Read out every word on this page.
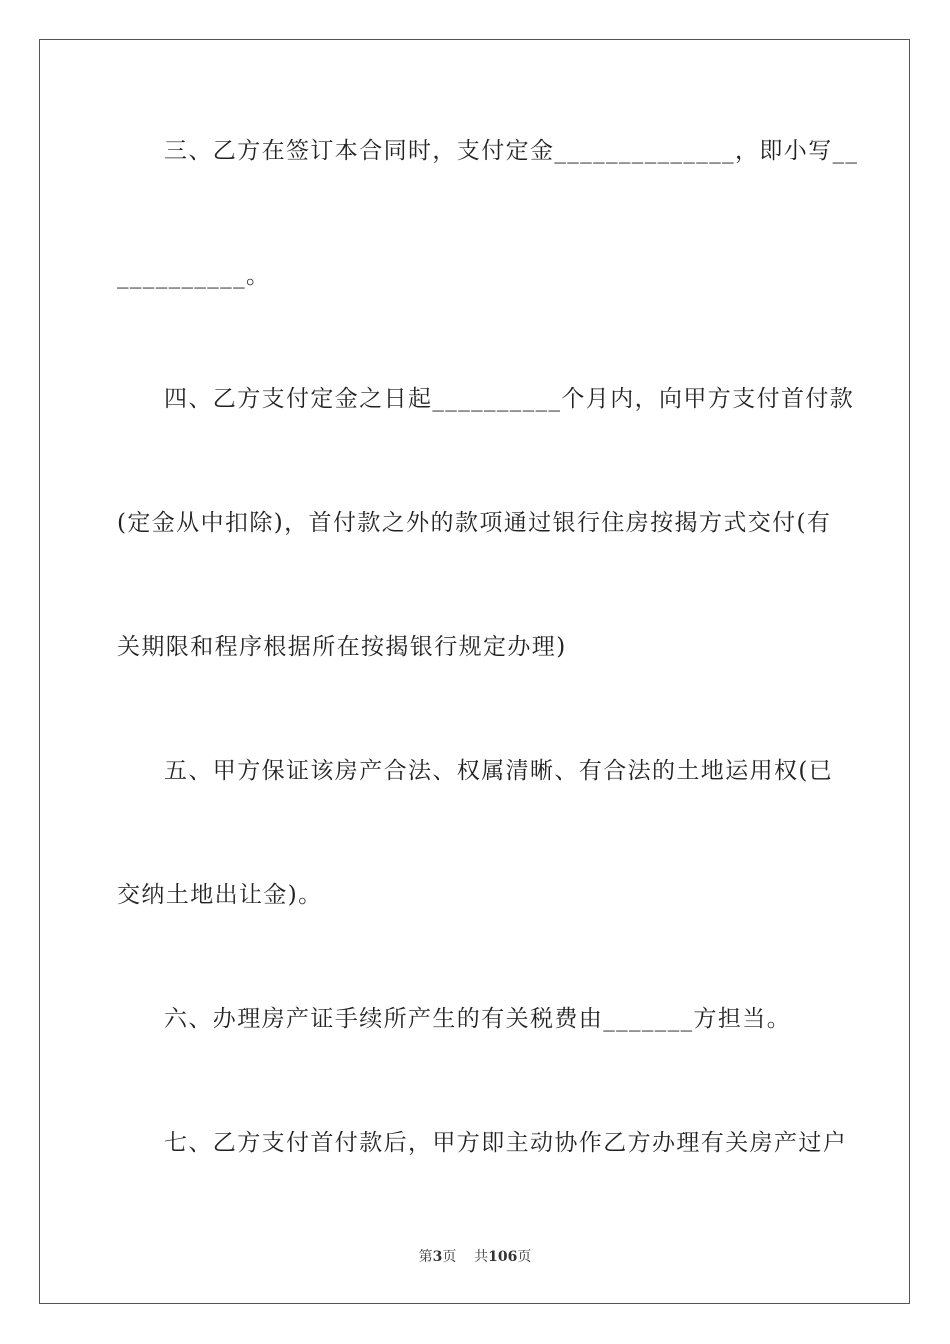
三、乙方在签订本合同时，支付定金______________，即小写__
__________。
四、乙方支付定金之日起__________个月内，向甲方支付首付款
(定金从中扣除)，首付款之外的款项通过银行住房按揭方式交付(有
关期限和程序根据所在按揭银行规定办理)
五、甲方保证该房产合法、权属清晰、有合法的土地运用权(已
交纳土地出让金)。
六、办理房产证手续所产生的有关税费由_______方担当。
七、乙方支付首付款后，甲方即主动协作乙方办理有关房产过户
第3页 共106页
